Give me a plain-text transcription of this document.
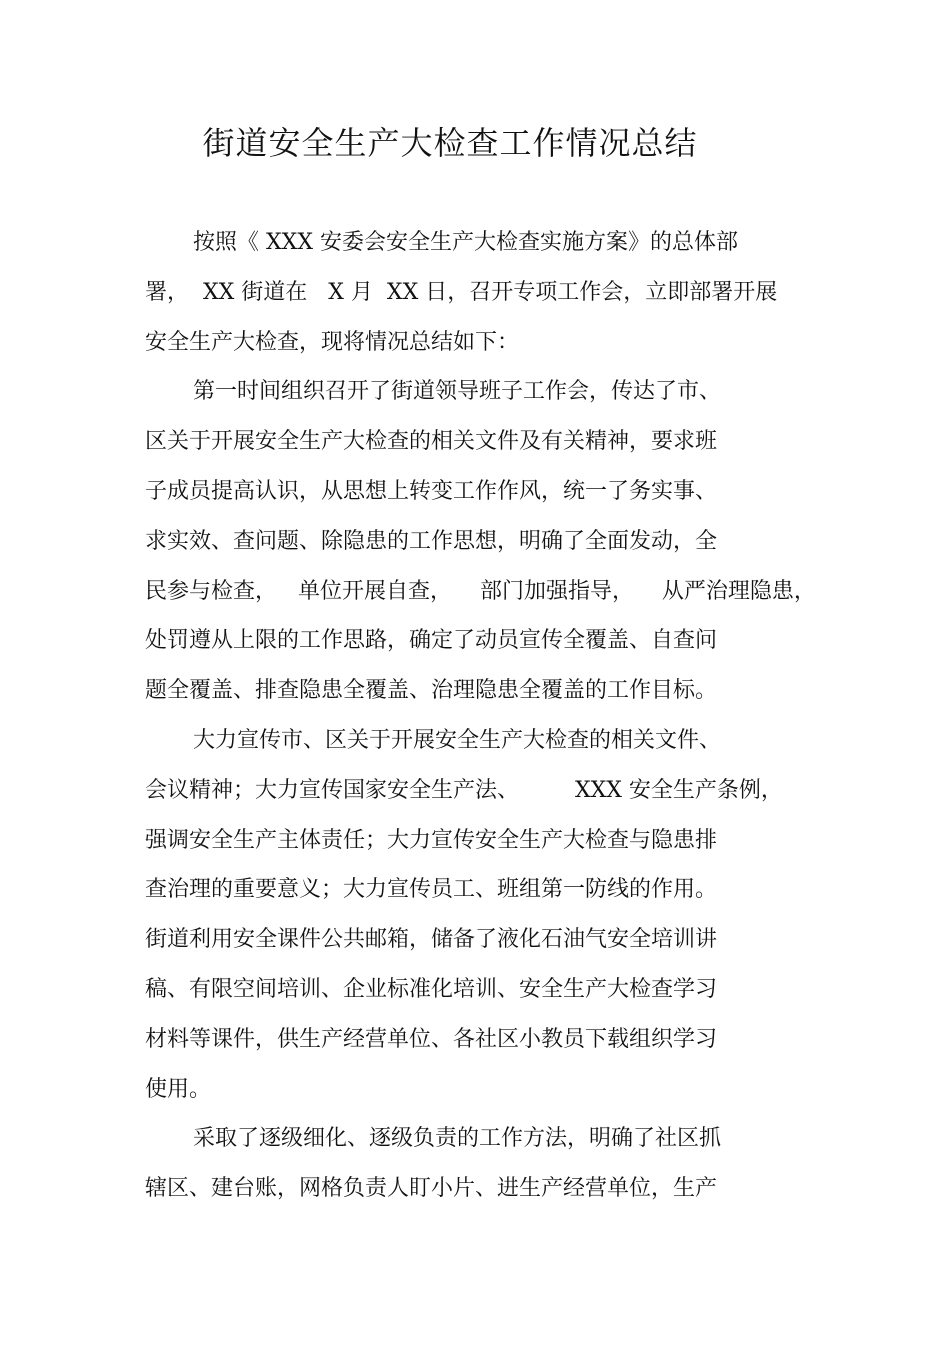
街道安全生产大检查工作情况总结
按照《 XXX 安委会安全生产大检查实施方案》的总体部
署，  XX 街道在   X 月  XX 日，召开专项工作会，立即部署开展
安全生产大检查，现将情况总结如下：
第一时间组织召开了街道领导班子工作会，传达了市、
区关于开展安全生产大检查的相关文件及有关精神，要求班
子成员提高认识，从思想上转变工作作风，统一了务实事、
求实效、查问题、除隐患的工作思想，明确了全面发动，全
民参与检查，   单位开展自查，    部门加强指导，    从严治理隐患，
处罚遵从上限的工作思路，确定了动员宣传全覆盖、自查问
题全覆盖、排查隐患全覆盖、治理隐患全覆盖的工作目标。
大力宣传市、区关于开展安全生产大检查的相关文件、
会议精神；大力宣传国家安全生产法、        XXX 安全生产条例，
强调安全生产主体责任；大力宣传安全生产大检查与隐患排
查治理的重要意义；大力宣传员工、班组第一防线的作用。
街道利用安全课件公共邮箱，储备了液化石油气安全培训讲
稿、有限空间培训、企业标准化培训、安全生产大检查学习
材料等课件，供生产经营单位、各社区小教员下载组织学习
使用。
采取了逐级细化、逐级负责的工作方法，明确了社区抓
辖区、建台账，网格负责人盯小片、进生产经营单位，生产
